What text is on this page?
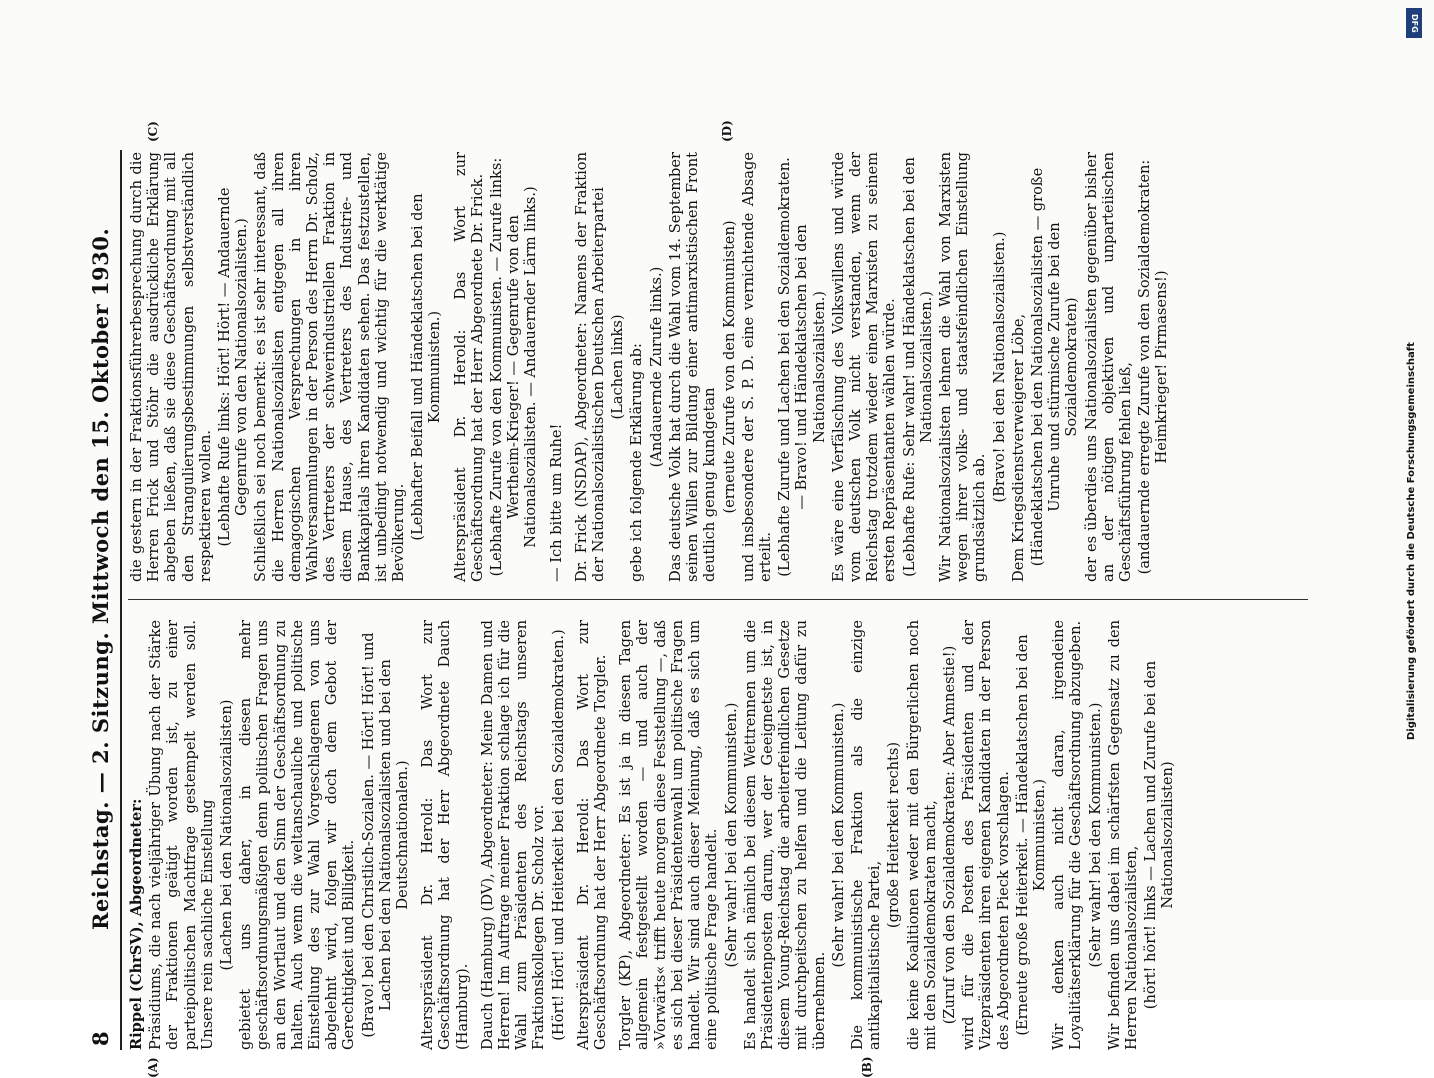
8
Reichstag. — 2. Sitzung. Mittwoch den 15. Oktober 1930.
(A)	(B)
(C)	(D)

Rippel (ChrSV), Abgeordneter: Präsidiums, die nach vieljähriger Übung nach der Stärke der Fraktionen geätigt worden ist, zu einer parteipolitischen Machtfrage gestempelt werden soll. Unsere rein sachliche Einstellung (Lachen bei den Nationalsozialisten) gebietet uns daher, in diesen mehr geschäftsordnungsmäßigen denn politischen Fragen uns an den Wortlaut und den Sinn der Geschäftsordnung zu halten. Auch wenn die weltanschauliche und politische Einstellung des zur Wahl Vorgeschlagenen von uns abgelehnt wird, folgen wir doch dem Gebot der Gerechtigkeit und Billigkeit. (Bravo! bei den Christlich-Sozialen. — Hört! Hört! und Lachen bei den Nationalsozialisten und bei den Deutschnationalen.) Alterspräsident Dr. Herold: Das Wort zur Geschäftsordnung hat der Herr Abgeordnete Dauch (Hamburg). Dauch (Hamburg) (DV), Abgeordneter: Meine Damen und Herren! Im Auftrage meiner Fraktion schlage ich für die Wahl zum Präsidenten des Reichstags unseren Fraktionskollegen Dr. Scholz vor. (Hört! Hört! und Heiterkeit bei den Sozialdemokraten.) Alterspräsident Dr. Herold: Das Wort zur Geschäftsordnung hat der Herr Abgeordnete Torgler. Torgler (KP), Abgeordneter: Es ist ja in diesen Tagen allgemein festgestellt worden — und auch der »Vorwärts« trifft heute morgen diese Feststellung —, daß es sich bei dieser Präsidentenwahl um politische Fragen handelt. Wir sind auch dieser Meinung, daß es sich um eine politische Frage handelt. (Sehr wahr! bei den Kommunisten.) Es handelt sich nämlich bei diesem Wettrennen um die Präsidentenposten darum, wer der Geeignetste ist, in diesem Young-Reichstag die arbeiterfeindlichen Gesetze mit durchpeitschen zu helfen und die Leitung dafür zu übernehmen.

(Sehr wahr! bei den Kommunisten.) Die kommunistische Fraktion als die einzige antikapitalistische Partei,

(große Heiterkeit rechts) die keine Koalitionen weder mit den Bürgerlichen noch mit den Sozialdemokraten macht, (Zuruf von den Sozialdemokraten: Aber Amnestie!) wird für die Posten des Präsidenten und der Vizepräsidenten ihren eigenen Kandidaten in der Person des Abgeordneten Pieck vorschlagen. (Erneute große Heiterkeit. — Händeklatschen bei den Kommunisten.) Wir denken auch nicht daran, irgendeine Loyalitätserklärung für die Geschäftsordnung abzugeben. (Sehr wahr! bei den Kommunisten.) Wir befinden uns dabei im schärfsten Gegensatz zu den Herren Nationalsozialisten, (hört! hört! links — Lachen und Zurufe bei den Nationalsozialisten)

die gestern in der Fraktionsführerbesprechung durch die Herren Frick und Stöhr die ausdrückliche Erklärung abgeben ließen, daß sie diese Geschäftsordnung mit all den Strangulierungsbestimmungen selbstverständlich respektieren wollen. (Lebhafte Rufe links: Hört! Hört! — Andauernde Gegenrufe von den Nationalsozialisten.) Schließlich sei noch bemerkt: es ist sehr interessant, daß die Herren Nationalsozialisten entgegen all ihren demagogischen Versprechungen in ihren Wahlversammlungen in der Person des Herrn Dr. Scholz, des Vertreters der schwerindustriellen Fraktion in diesem Hause, des Vertreters des Industrie- und Bankkapitals ihren Kandidaten sehen. Das festzustellen, ist unbedingt notwendig und wichtig für die werktätige Bevölkerung. (Lebhafter Beifall und Händeklatschen bei den Kommunisten.) Alterspräsident Dr. Herold: Das Wort zur Geschäftsordnung hat der Herr Abgeordnete Dr. Frick. (Lebhafte Zurufe von den Kommunisten. — Zurufe links: Wertheim-Krieger! — Gegenrufe von den Nationalsozialisten. — Andauernder Lärm links.) — Ich bitte um Ruhe! Dr. Frick (NSDAP), Abgeordneter: Namens der Fraktion der Nationalsozialistischen Deutschen Arbeiterpartei (Lachen links) gebe ich folgende Erklärung ab: (Andauernde Zurufe links.) Das deutsche Volk hat durch die Wahl vom 14. September seinen Willen zur Bildung einer antimarxistischen Front deutlich genug kundgetan (erneute Zurufe von den Kommunisten) und insbesondere der S. P. D. eine vernichtende Absage erteilt. (Lebhafte Zurufe und Lachen bei den Sozialdemokraten. — Bravo! und Händeklatschen bei den Nationalsozialisten.) Es wäre eine Verfälschung des Volkswillens und würde vom deutschen Volk nicht verstanden, wenn der Reichstag trotzdem wieder einen Marxisten zu seinem ersten Repräsentanten wählen würde. (Lebhafte Rufe: Sehr wahr! und Händeklatschen bei den Nationalsozialisten.) Wir Nationalsozialisten lehnen die Wahl von Marxisten wegen ihrer volks- und staatsfeindlichen Einstellung grundsätzlich ab.

(Bravo! bei den Nationalsozialisten.) Dem Kriegsdienstverweigerer Löbe, (Händeklatschen bei den Nationalsozialisten — große Unruhe und stürmische Zurufe bei den Sozialdemokraten) der es überdies uns Nationalsozialisten gegenüber bisher an der nötigen objektiven und unparteiischen Geschäftsführung fehlen ließ, (andauernde erregte Zurufe von den Sozialdemokraten: Heimkrieger! Pirmasens!)

DFG
Digitalisierung gefördert durch die Deutsche Forschungsgemeinschaft
